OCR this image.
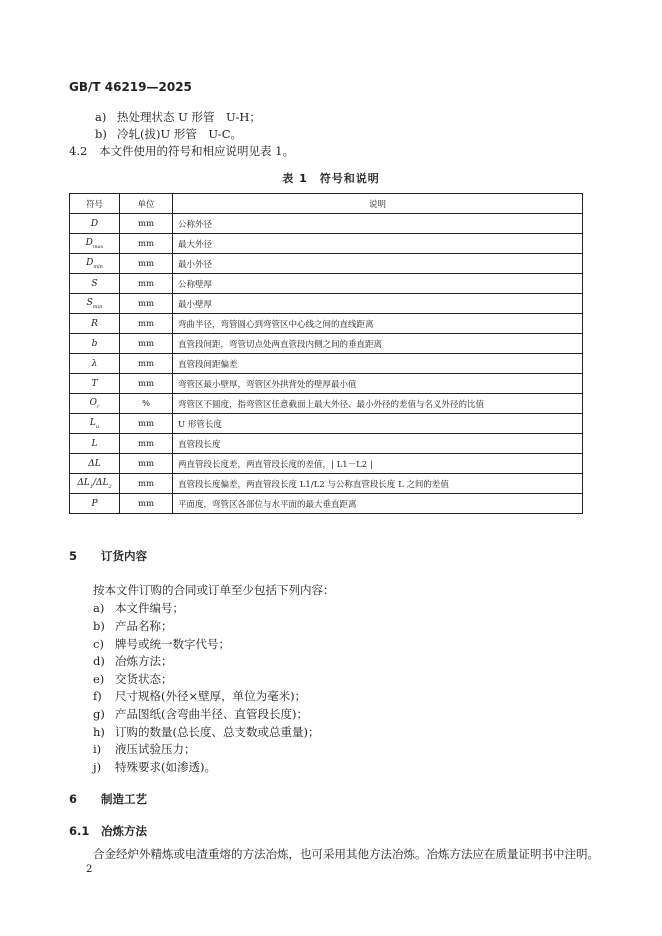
GB/T 46219—2025
a) 热处理状态 U 形管　U-H；
b) 冷轧(拔)U 形管　U-C。
4.2 本文件使用的符号和相应说明见表 1。
表 1　符号和说明
符号	单位	说明
D	mm	公称外径
$D_{max}$	mm	最大外径
$D_{min}$	mm	最小外径
S	mm	公称壁厚
$S_{min}$	mm	最小壁厚
R	mm	弯曲半径，弯管圆心到弯管区中心线之间的直线距离
b	mm	直管段间距，弯管切点处两直管段内侧之间的垂直距离
λ	mm	直管段间距偏差
T	mm	弯管区最小壁厚，弯管区外拱背处的壁厚最小值
$O_r$	%	弯管区不圆度，指弯管区任意截面上最大外径、最小外径的差值与名义外径的比值
$L_u$	mm	U 形管长度
L	mm	直管段长度
ΔL	mm	两直管段长度差，两直管段长度的差值，| L1－L2 |
$\Delta L_1/\Delta L_2$	mm	直管段长度偏差，两直管段长度 L1/L2 与公称直管段长度 L 之间的差值
P	mm	平面度，弯管区各部位与水平面的最大垂直距离
5 订货内容
按本文件订购的合同或订单至少包括下列内容：
a) 本文件编号；
b) 产品名称；
c) 牌号或统一数字代号；
d) 冶炼方法；
e) 交货状态；
f) 尺寸规格(外径×壁厚，单位为毫米)；
g) 产品图纸(含弯曲半径、直管段长度)；
h) 订购的数量(总长度、总支数或总重量)；
i) 液压试验压力；
j) 特殊要求(如渗透)。
6 制造工艺
6.1 冶炼方法
合金经炉外精炼或电渣重熔的方法冶炼，也可采用其他方法冶炼。冶炼方法应在质量证明书中注明。
2
